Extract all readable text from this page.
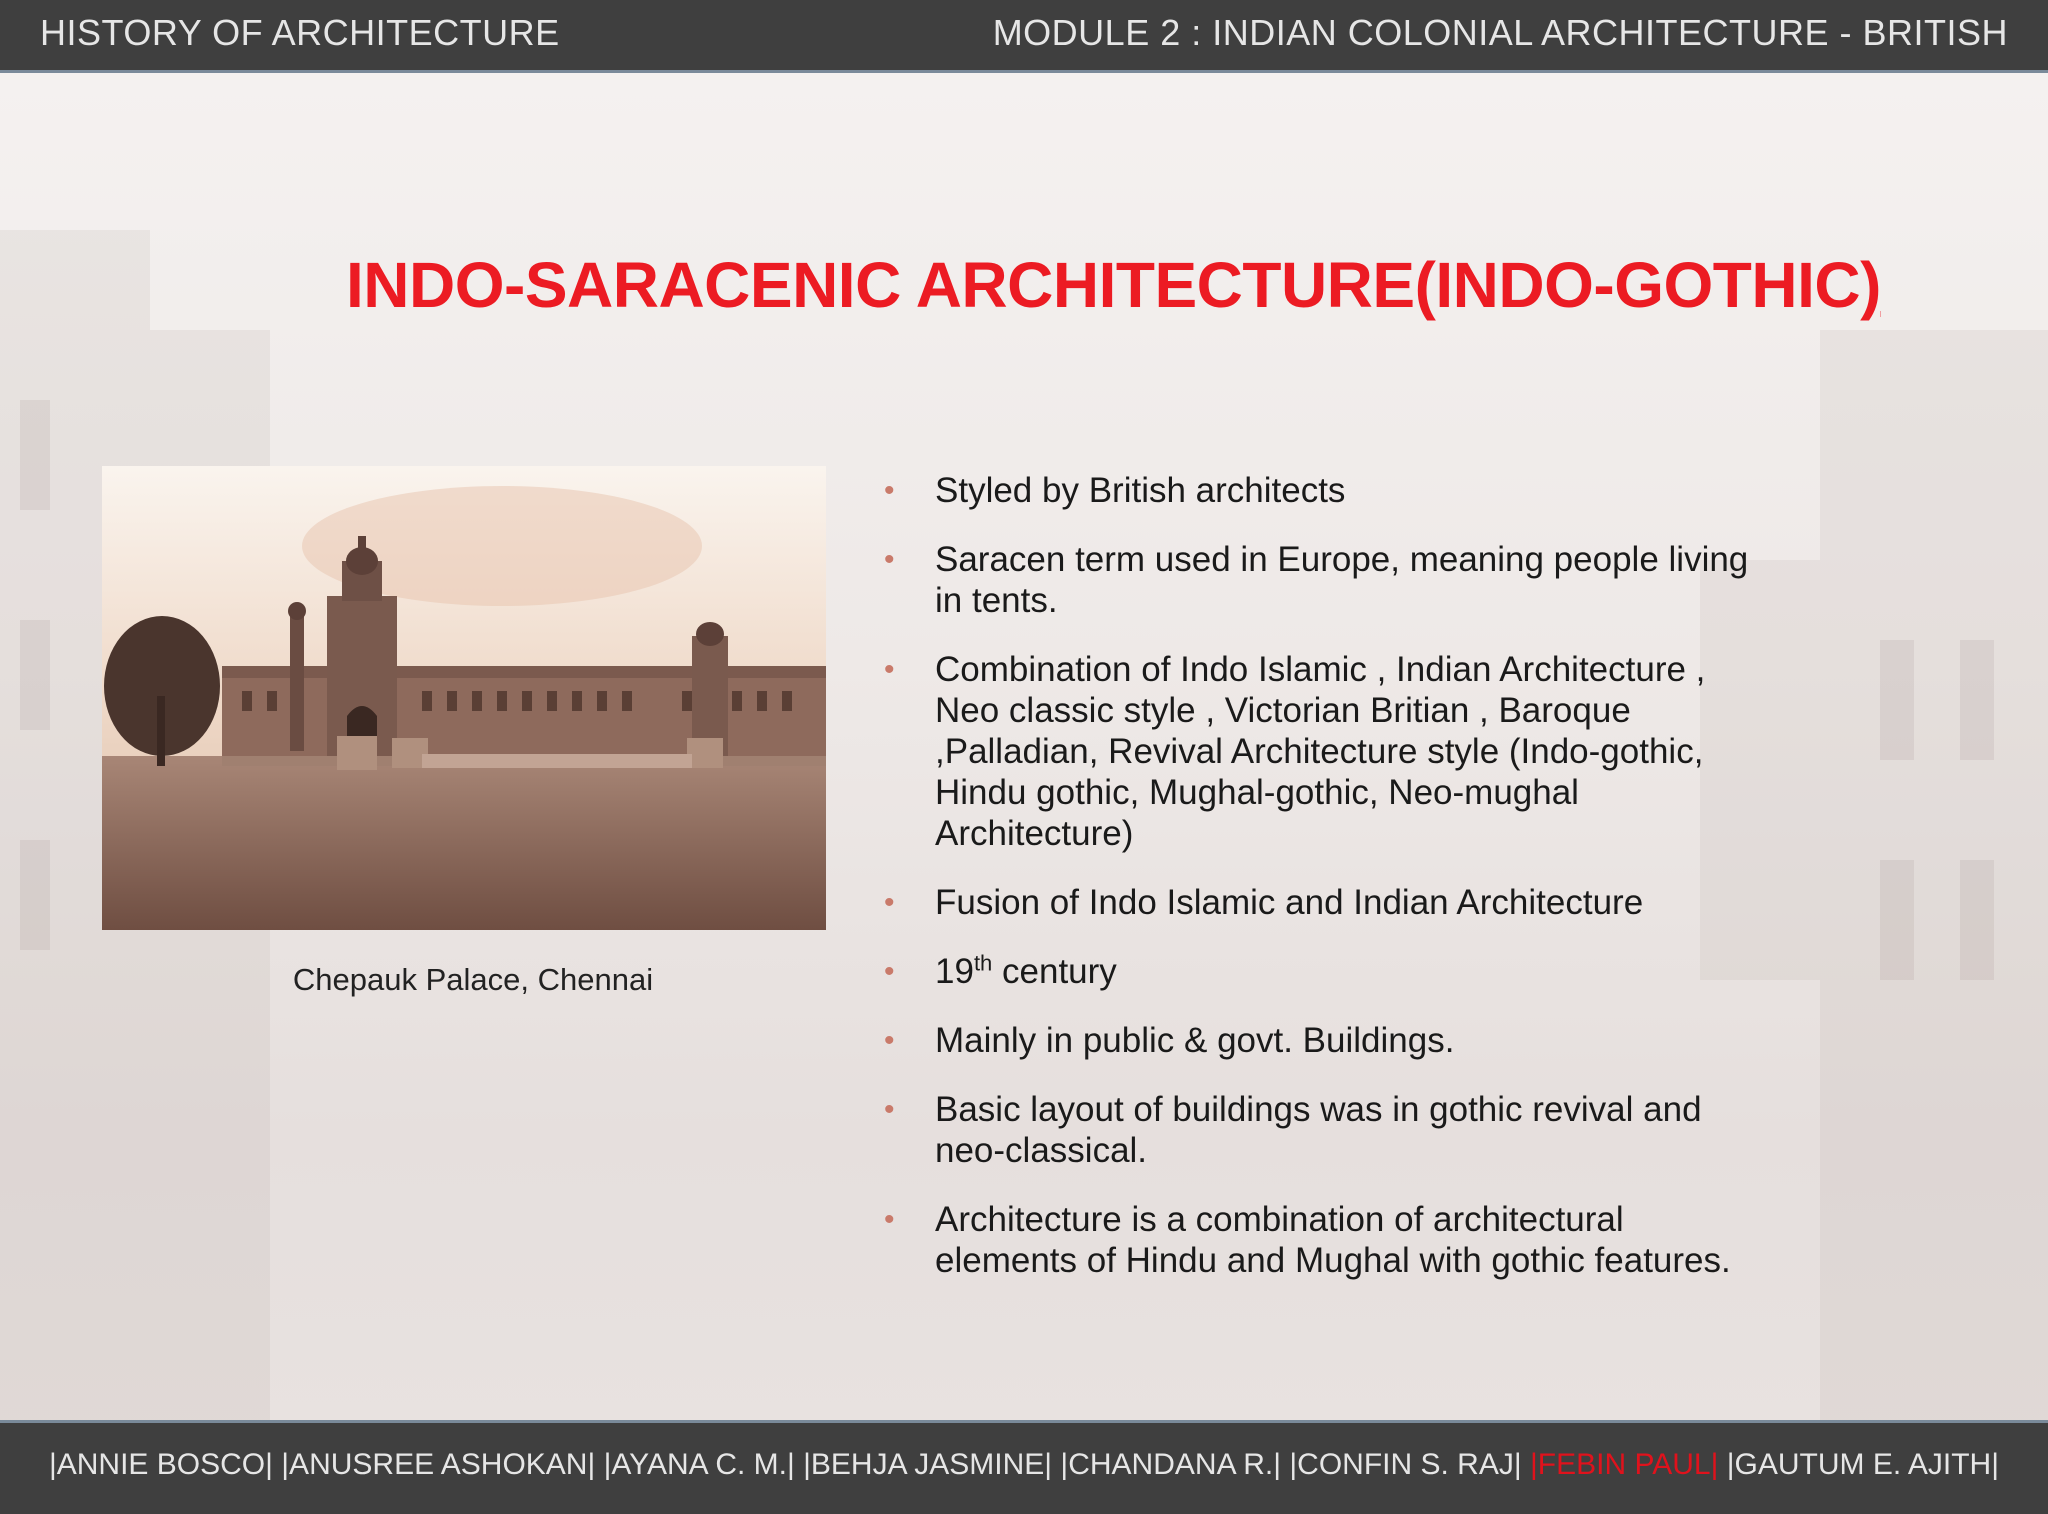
HISTORY OF ARCHITECTURE	MODULE 2 : INDIAN COLONIAL ARCHITECTURE - BRITISH
INDO-SARACENIC ARCHITECTURE(INDO-GOTHIC)
Chepauk Palace, Chennai
• Styled by British architects
• Saracen term used in Europe, meaning people living in tents.
• Combination of Indo Islamic , Indian Architecture , Neo classic style , Victorian Britian , Baroque ,Palladian, Revival Architecture style (Indo-gothic, Hindu gothic, Mughal-gothic, Neo-mughal Architecture)
• Fusion of Indo Islamic and Indian Architecture
• 19th century
• Mainly in public & govt. Buildings.
• Basic layout of buildings was in gothic revival and neo-classical.
• Architecture is a combination of architectural elements of Hindu and Mughal with gothic features.
|ANNIE BOSCO| |ANUSREE ASHOKAN| |AYANA C. M.| |BEHJA JASMINE| |CHANDANA R.| |CONFIN S. RAJ| |FEBIN PAUL| |GAUTUM E. AJITH|
